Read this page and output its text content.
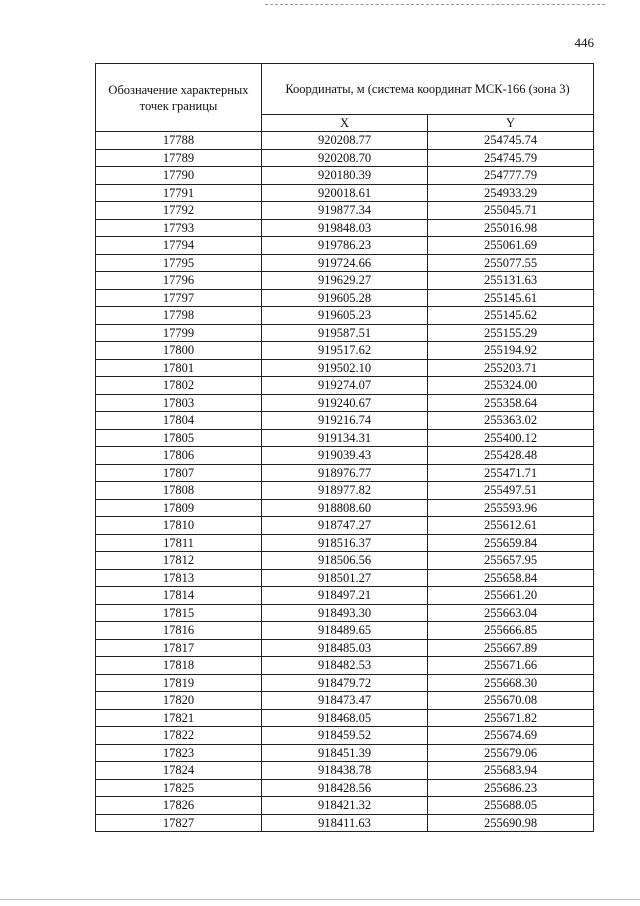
446
Обозначение характерных точек границы	Координаты, м (система координат МСК-166 (зона 3)	
	X	Y
17788	920208.77	254745.74
17789	920208.70	254745.79
17790	920180.39	254777.79
17791	920018.61	254933.29
17792	919877.34	255045.71
17793	919848.03	255016.98
17794	919786.23	255061.69
17795	919724.66	255077.55
17796	919629.27	255131.63
17797	919605.28	255145.61
17798	919605.23	255145.62
17799	919587.51	255155.29
17800	919517.62	255194.92
17801	919502.10	255203.71
17802	919274.07	255324.00
17803	919240.67	255358.64
17804	919216.74	255363.02
17805	919134.31	255400.12
17806	919039.43	255428.48
17807	918976.77	255471.71
17808	918977.82	255497.51
17809	918808.60	255593.96
17810	918747.27	255612.61
17811	918516.37	255659.84
17812	918506.56	255657.95
17813	918501.27	255658.84
17814	918497.21	255661.20
17815	918493.30	255663.04
17816	918489.65	255666.85
17817	918485.03	255667.89
17818	918482.53	255671.66
17819	918479.72	255668.30
17820	918473.47	255670.08
17821	918468.05	255671.82
17822	918459.52	255674.69
17823	918451.39	255679.06
17824	918438.78	255683.94
17825	918428.56	255686.23
17826	918421.32	255688.05
17827	918411.63	255690.98
